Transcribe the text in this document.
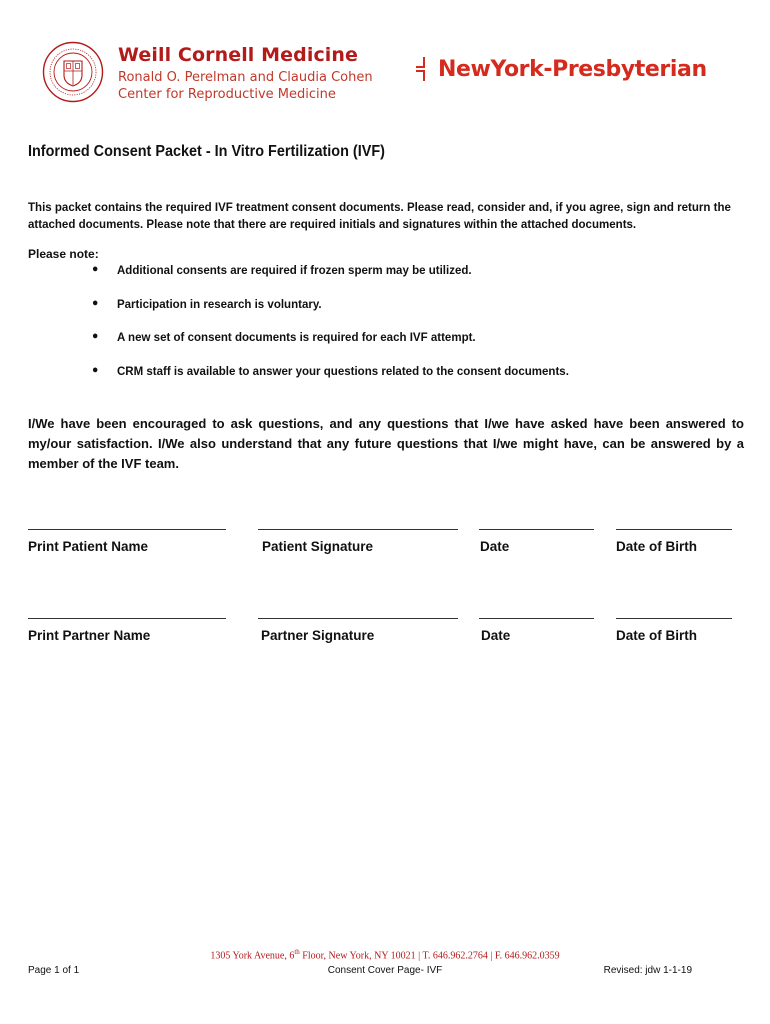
Weill Cornell Medicine
Ronald O. Perelman and Claudia Cohen
Center for Reproductive Medicine
NewYork-Presbyterian
Informed Consent Packet - In Vitro Fertilization (IVF)
This packet contains the required IVF treatment consent documents. Please read, consider and, if you agree, sign and return the attached documents. Please note that there are required initials and signatures within the attached documents.
Please note:
●	Additional consents are required if frozen sperm may be utilized.
●	Participation in research is voluntary.
●	A new set of consent documents is required for each IVF attempt.
●	CRM staff is available to answer your questions related to the consent documents.
I/We have been encouraged to ask questions, and any questions that I/we have asked have been answered to my/our satisfaction. I/We also understand that any future questions that I/we might have, can be answered by a member of the IVF team.
Print Patient Name	Patient Signature	Date	Date of Birth
Print Partner Name	Partner Signature	Date	Date of Birth
1305 York Avenue, 6th Floor, New York, NY 10021 | T. 646.962.2764 | F. 646.962.0359
Page 1 of 1	Consent Cover Page- IVF	Revised: jdw 1-1-19
